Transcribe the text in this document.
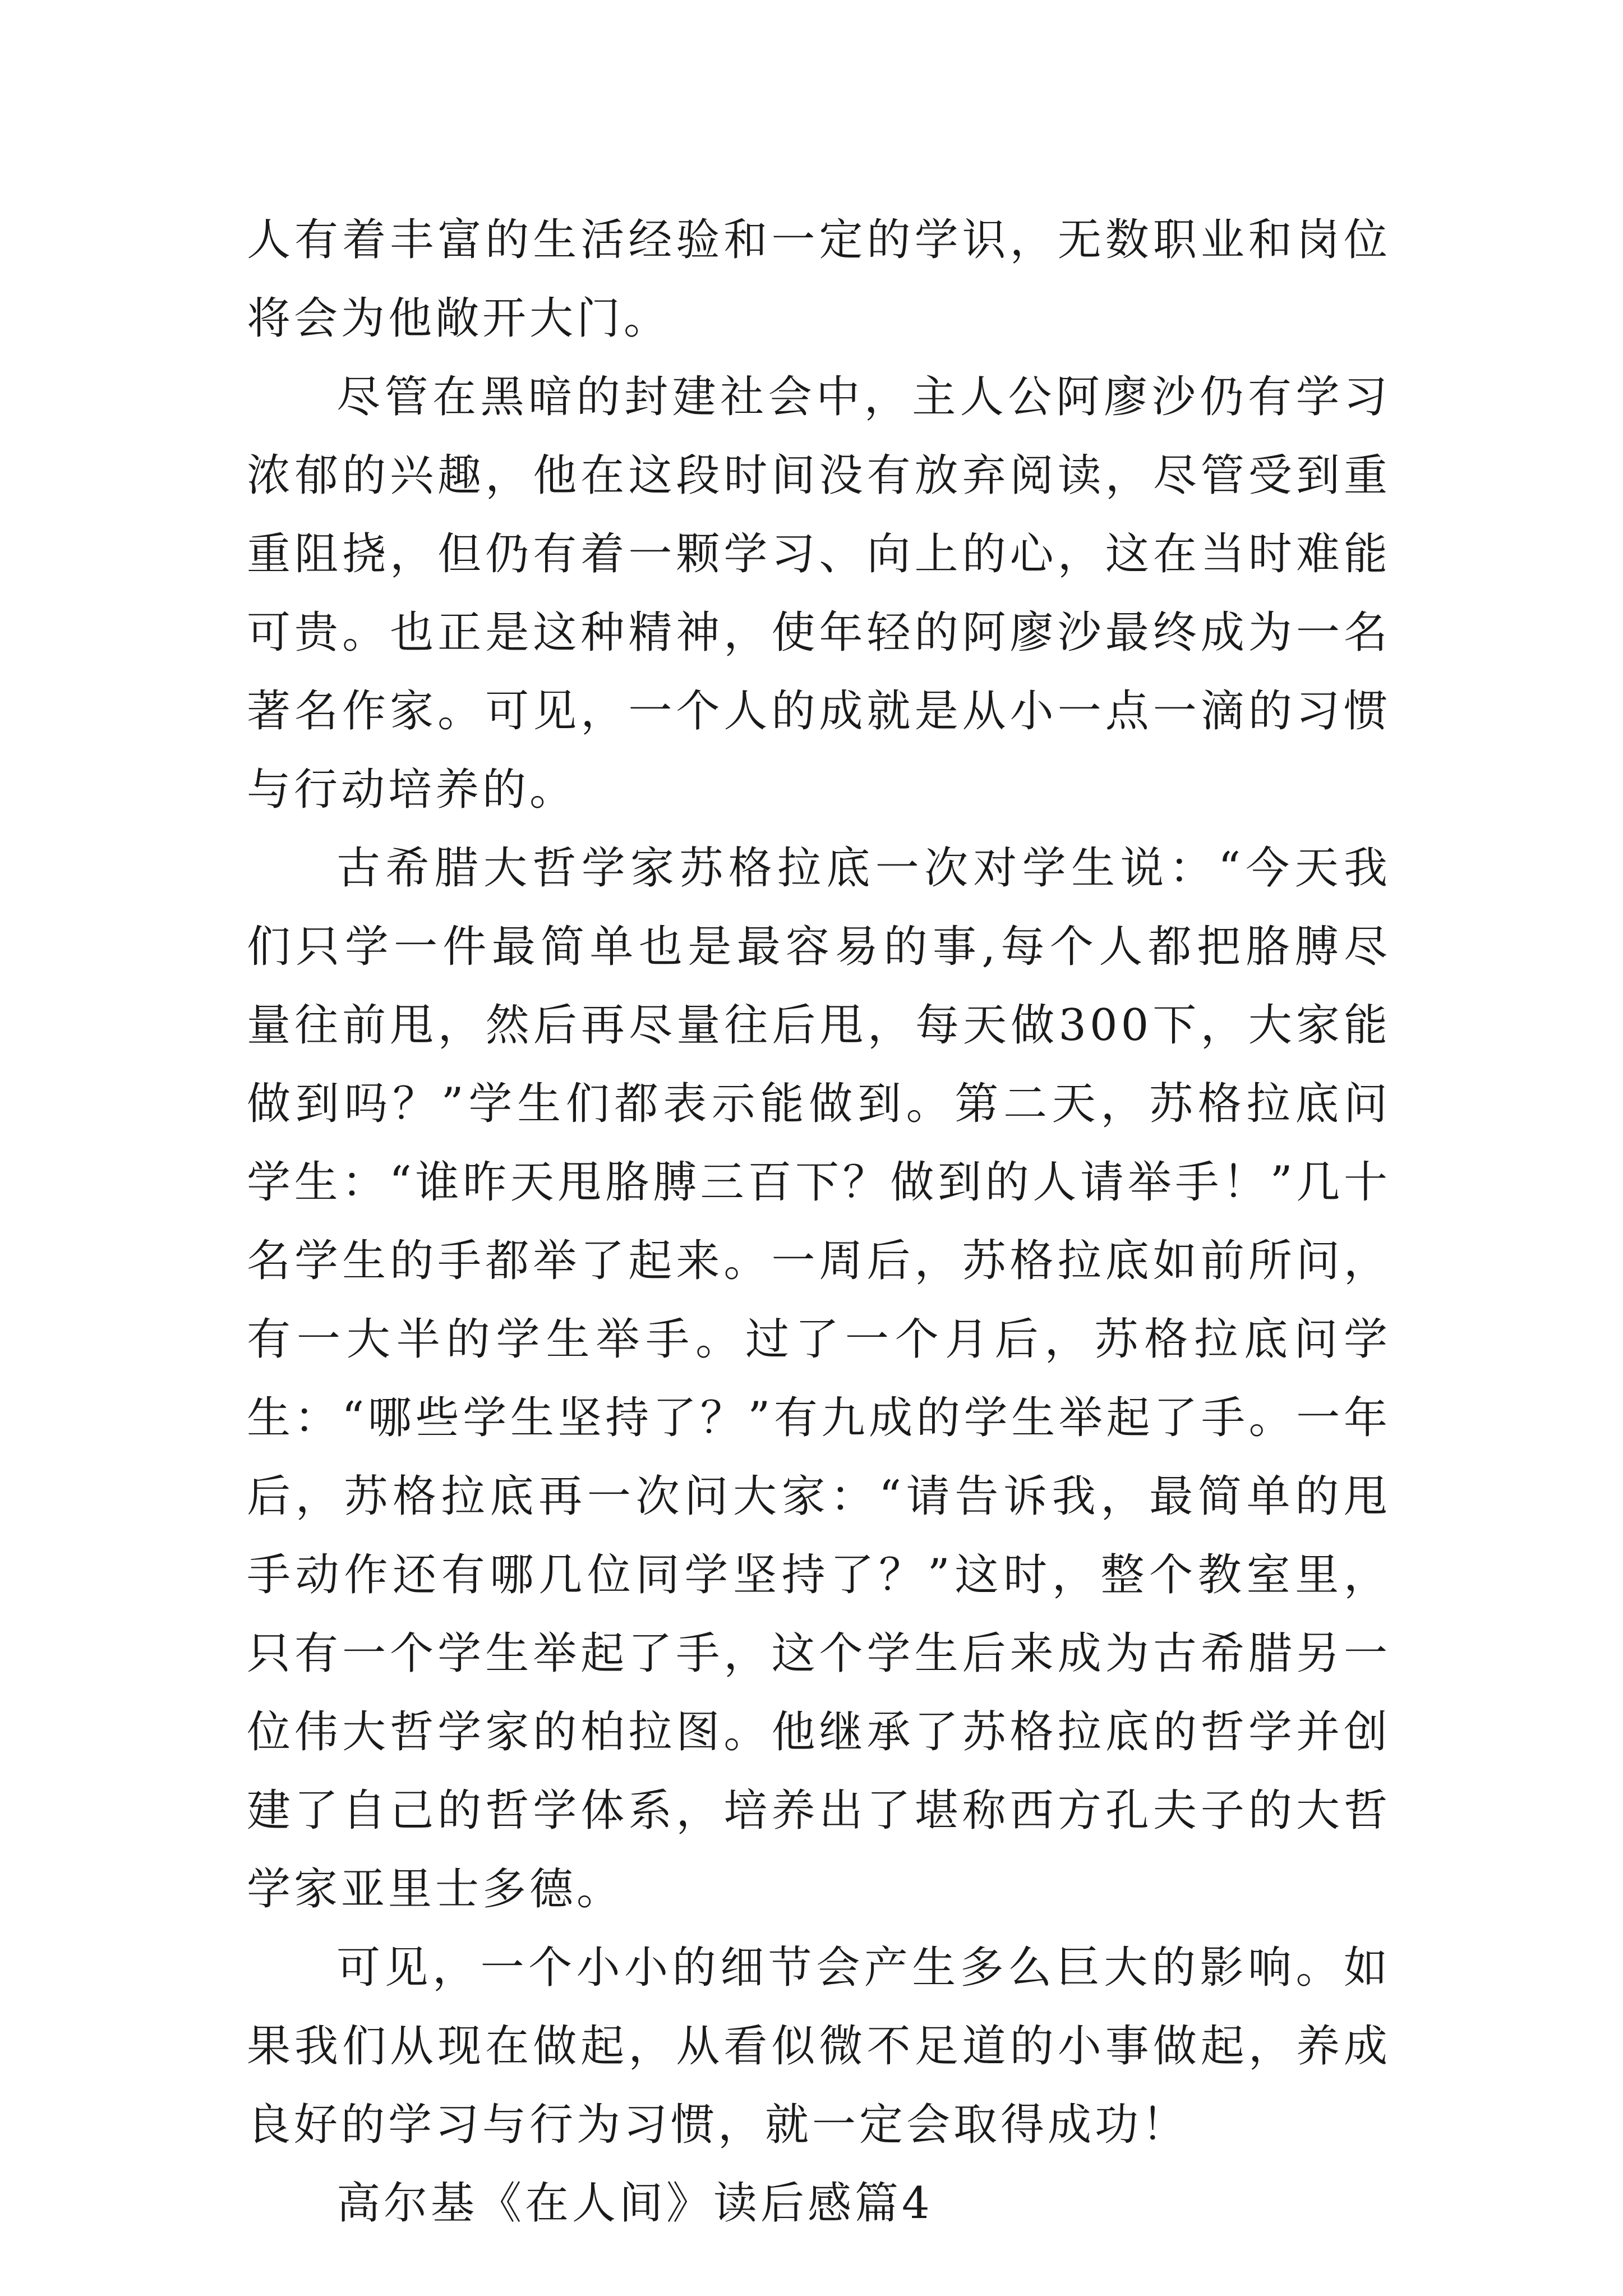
人有着丰富的生活经验和一定的学识，无数职业和岗位将会为他敞开大门。

尽管在黑暗的封建社会中，主人公阿廖沙仍有学习浓郁的兴趣，他在这段时间没有放弃阅读，尽管受到重重阻挠，但仍有着一颗学习、向上的心，这在当时难能可贵。也正是这种精神，使年轻的阿廖沙最终成为一名著名作家。可见，一个人的成就是从小一点一滴的习惯与行动培养的。

古希腊大哲学家苏格拉底一次对学生说：“今天我们只学一件最简单也是最容易的事,每个人都把胳膊尽量往前甩，然后再尽量往后甩，每天做300下，大家能做到吗？”学生们都表示能做到。第二天，苏格拉底问学生：“谁昨天甩胳膊三百下？做到的人请举手！”几十名学生的手都举了起来。一周后，苏格拉底如前所问，有一大半的学生举手。过了一个月后，苏格拉底问学生：“哪些学生坚持了？”有九成的学生举起了手。一年后，苏格拉底再一次问大家：“请告诉我，最简单的甩手动作还有哪几位同学坚持了？”这时，整个教室里，只有一个学生举起了手，这个学生后来成为古希腊另一位伟大哲学家的柏拉图。他继承了苏格拉底的哲学并创建了自己的哲学体系，培养出了堪称西方孔夫子的大哲学家亚里士多德。

可见，一个小小的细节会产生多么巨大的影响。如果我们从现在做起，从看似微不足道的小事做起，养成良好的学习与行为习惯，就一定会取得成功！

高尔基《在人间》读后感篇4
